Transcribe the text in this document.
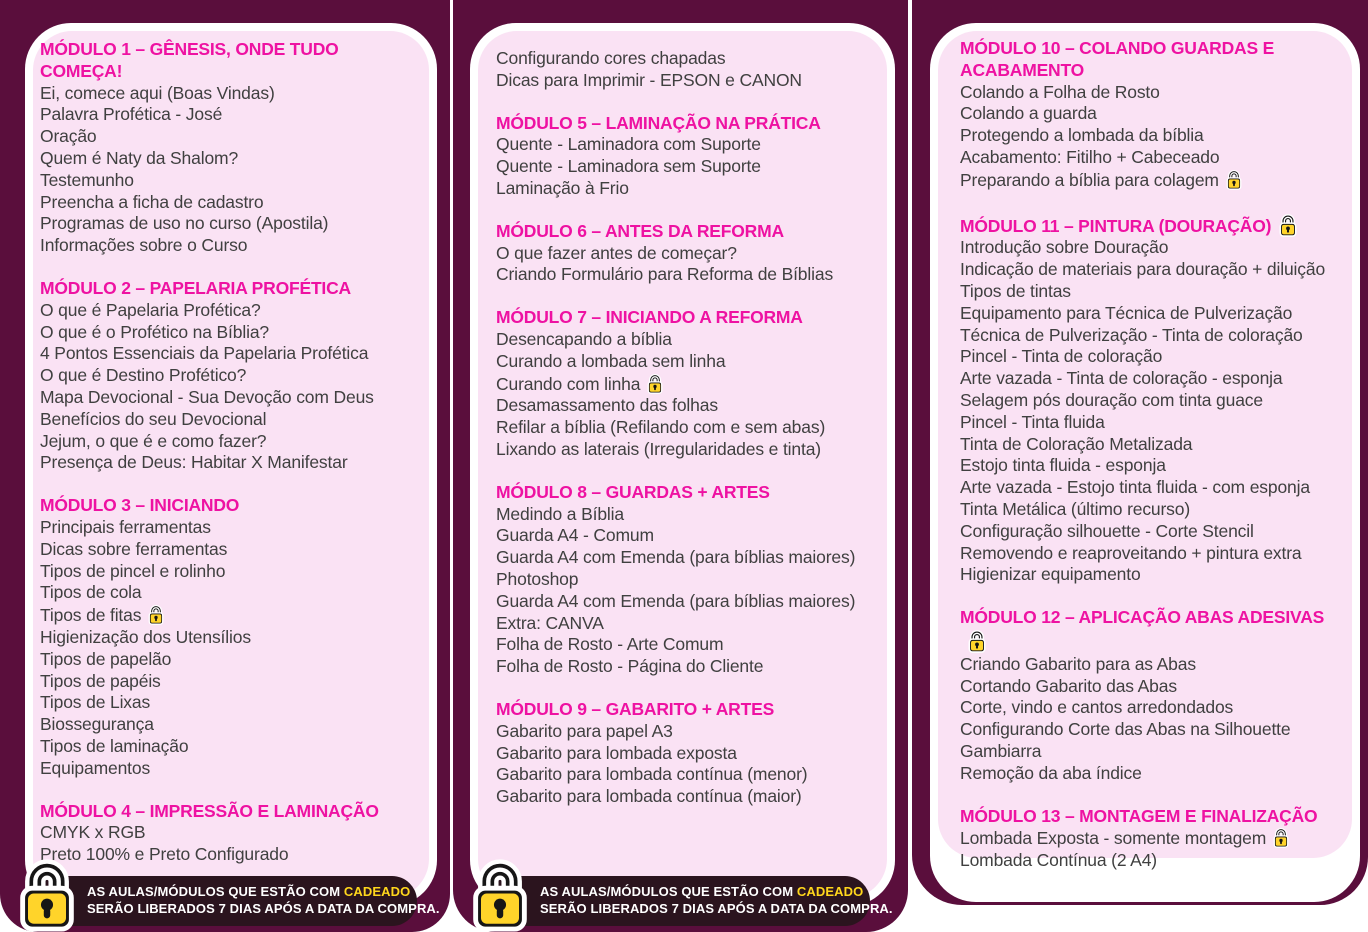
MÓDULO 1 – GÊNESIS, ONDE TUDO COMEÇA!
Ei, comece aqui (Boas Vindas)
Palavra Profética - José
Oração
Quem é Naty da Shalom?
Testemunho
Preencha a ficha de cadastro
Programas de uso no curso (Apostila)
Informações sobre o Curso
MÓDULO 2 – PAPELARIA PROFÉTICA
O que é Papelaria Profética?
O que é o Profético na Bíblia?
4 Pontos Essenciais da Papelaria Profética
O que é Destino Profético?
Mapa Devocional - Sua Devoção com Deus
Benefícios do seu Devocional
Jejum, o que é e como fazer?
Presença de Deus: Habitar X Manifestar
MÓDULO 3 – INICIANDO
Principais ferramentas
Dicas sobre ferramentas
Tipos de pincel e rolinho
Tipos de cola
Tipos de fitas
Higienização dos Utensílios
Tipos de papelão
Tipos de papéis
Tipos de Lixas
Biossegurança
Tipos de laminação
Equipamentos
MÓDULO 4 – IMPRESSÃO E LAMINAÇÃO
CMYK x RGB
Preto 100% e Preto Configurado
AS AULAS/MÓDULOS QUE ESTÃO COM CADEADO
SERÃO LIBERADOS 7 DIAS APÓS A DATA DA COMPRA.
Configurando cores chapadas
Dicas para Imprimir - EPSON e CANON
MÓDULO 5 – LAMINAÇÃO NA PRÁTICA
Quente - Laminadora com Suporte
Quente - Laminadora sem Suporte
Laminação à Frio
MÓDULO 6 – ANTES DA REFORMA
O que fazer antes de começar?
Criando Formulário para Reforma de Bíblias
MÓDULO 7 – INICIANDO A REFORMA
Desencapando a bíblia
Curando a lombada sem linha
Curando com linha
Desamassamento das folhas
Refilar a bíblia (Refilando com e sem abas)
Lixando as laterais (Irregularidades e tinta)
MÓDULO 8 – GUARDAS + ARTES
Medindo a Bíblia
Guarda A4 - Comum
Guarda A4 com Emenda (para bíblias maiores)
Photoshop
Guarda A4 com Emenda (para bíblias maiores)
Extra: CANVA
Folha de Rosto - Arte Comum
Folha de Rosto - Página do Cliente
MÓDULO 9 – GABARITO + ARTES
Gabarito para papel A3
Gabarito para lombada exposta
Gabarito para lombada contínua (menor)
Gabarito para lombada contínua (maior)
AS AULAS/MÓDULOS QUE ESTÃO COM CADEADO
SERÃO LIBERADOS 7 DIAS APÓS A DATA DA COMPRA.
MÓDULO 10 – COLANDO GUARDAS E ACABAMENTO
Colando a Folha de Rosto
Colando a guarda
Protegendo a lombada da bíblia
Acabamento: Fitilho + Cabeceado
Preparando a bíblia para colagem
MÓDULO 11 – PINTURA (DOURAÇÃO)
Introdução sobre Douração
Indicação de materiais para douração + diluição
Tipos de tintas
Equipamento para Técnica de Pulverização
Técnica de Pulverização - Tinta de coloração
Pincel - Tinta de coloração
Arte vazada - Tinta de coloração - esponja
Selagem pós douração com tinta guace
Pincel - Tinta fluida
Tinta de Coloração Metalizada
Estojo tinta fluida - esponja
Arte vazada - Estojo tinta fluida - com esponja
Tinta Metálica (último recurso)
Configuração silhouette - Corte Stencil
Removendo e reaproveitando + pintura extra
Higienizar equipamento
MÓDULO 12 – APLICAÇÃO ABAS ADESIVAS
Criando Gabarito para as Abas
Cortando Gabarito das Abas
Corte, vindo e cantos arredondados
Configurando Corte das Abas na Silhouette
Gambiarra
Remoção da aba índice
MÓDULO 13 – MONTAGEM E FINALIZAÇÃO
Lombada Exposta - somente montagem
Lombada Contínua (2 A4)
